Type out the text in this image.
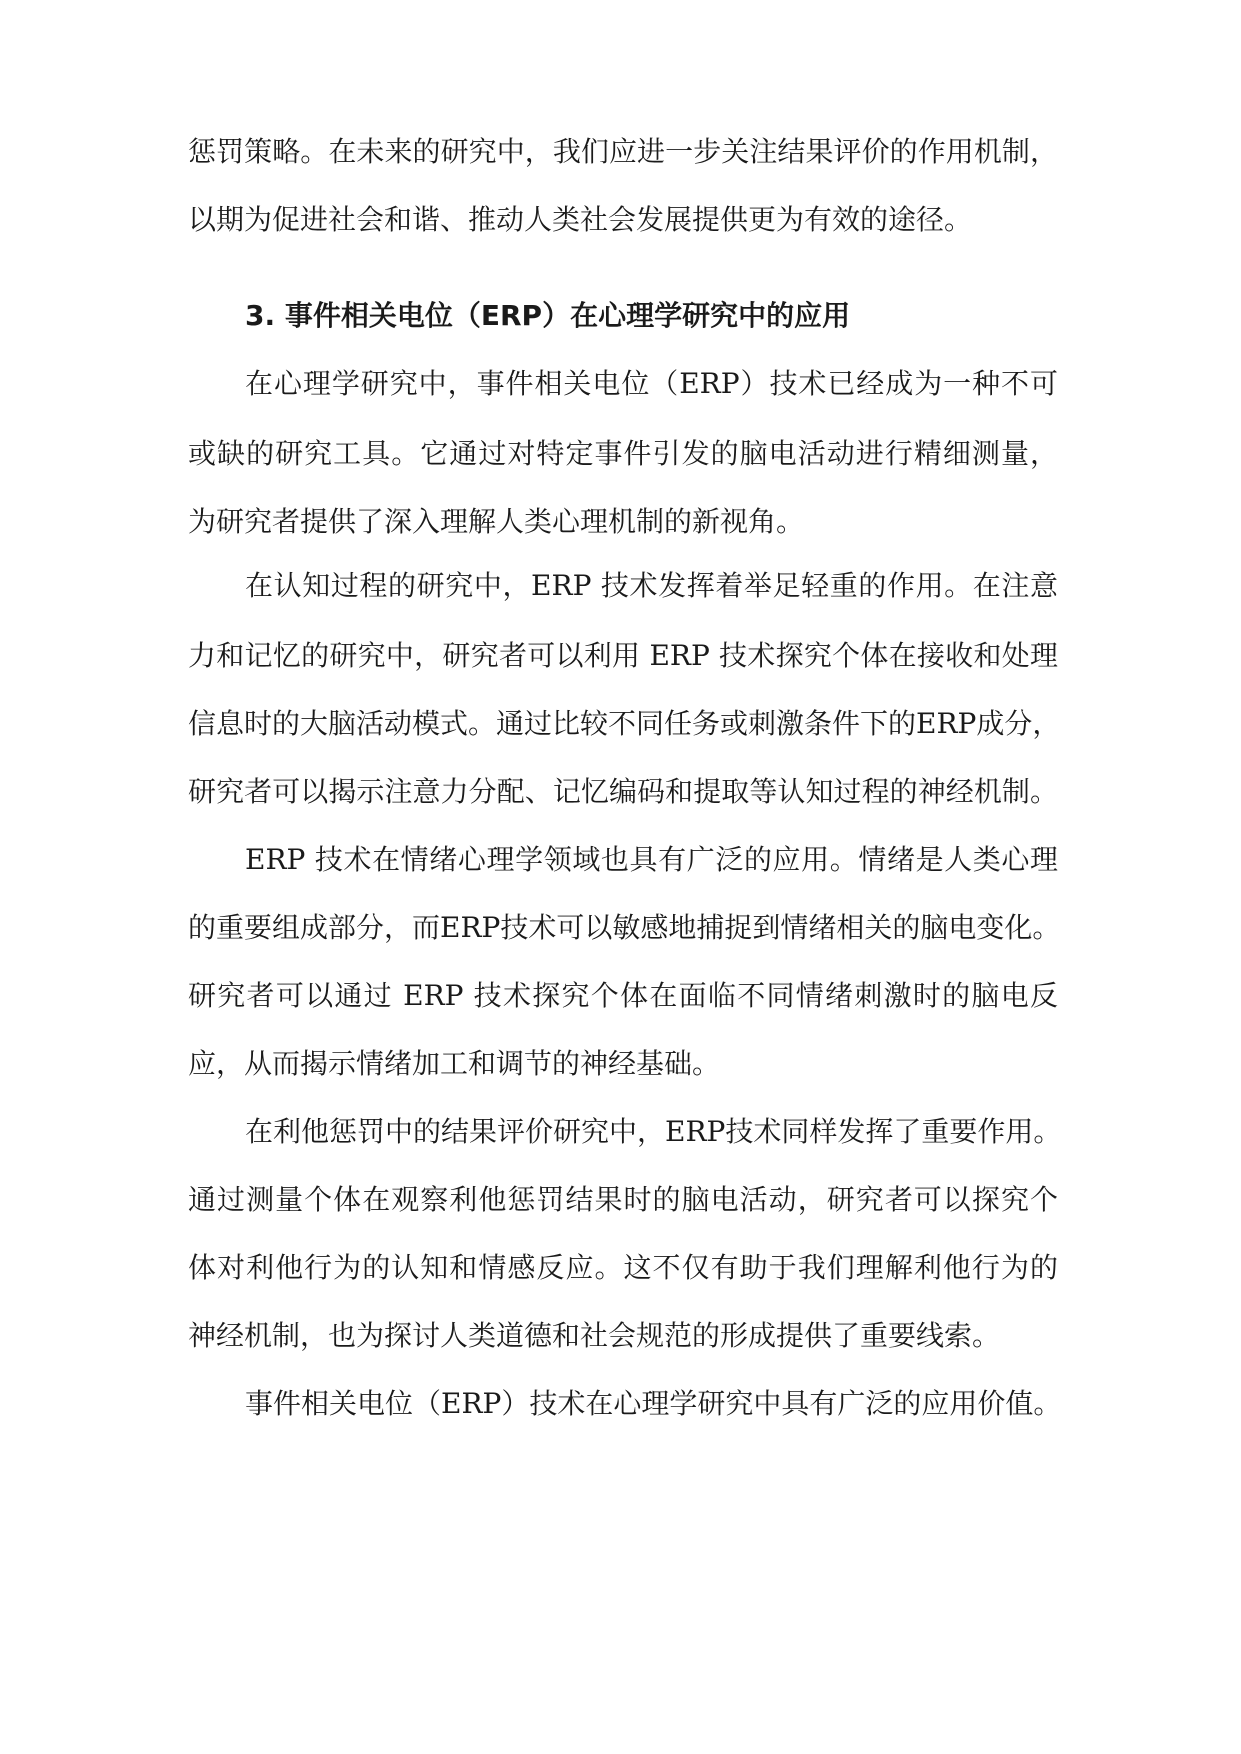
惩罚策略。在未来的研究中，我们应进一步关注结果评价的作用机制，
以期为促进社会和谐、推动人类社会发展提供更为有效的途径。
3. 事件相关电位（ERP）在心理学研究中的应用
在心理学研究中，事件相关电位（ERP）技术已经成为一种不可
或缺的研究工具。它通过对特定事件引发的脑电活动进行精细测量，
为研究者提供了深入理解人类心理机制的新视角。
在认知过程的研究中，ERP 技术发挥着举足轻重的作用。在注意
力和记忆的研究中，研究者可以利用 ERP 技术探究个体在接收和处理
信息时的大脑活动模式。通过比较不同任务或刺激条件下的ERP成分，
研究者可以揭示注意力分配、记忆编码和提取等认知过程的神经机制。
ERP 技术在情绪心理学领域也具有广泛的应用。情绪是人类心理
的重要组成部分，而ERP技术可以敏感地捕捉到情绪相关的脑电变化。
研究者可以通过 ERP 技术探究个体在面临不同情绪刺激时的脑电反
应，从而揭示情绪加工和调节的神经基础。
在利他惩罚中的结果评价研究中，ERP技术同样发挥了重要作用。
通过测量个体在观察利他惩罚结果时的脑电活动，研究者可以探究个
体对利他行为的认知和情感反应。这不仅有助于我们理解利他行为的
神经机制，也为探讨人类道德和社会规范的形成提供了重要线索。
事件相关电位（ERP）技术在心理学研究中具有广泛的应用价值。
